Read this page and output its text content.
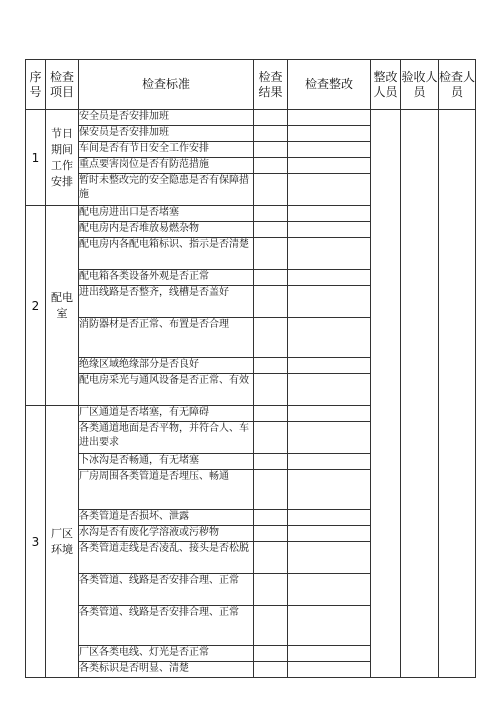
序号	检查项目	检查标准	检查结果	检查整改	整改人员	验收人员	检查人员
1	节日期间工作安排	安全员是否安排加班					
		保安员是否安排加班					
		车间是否有节日安全工作安排					
		重点要害岗位是否有防范措施					
		暂时未整改完的安全隐患是否有保障措施					
2	配电室	配电房进出口是否堵塞					
		配电房内是否堆放易燃杂物					
		配电房内各配电箱标识、指示是否清楚					
		配电箱各类设备外观是否正常					
		进出线路是否整齐，线槽是否盖好					
		消防器材是否正常、布置是否合理					
		绝缘区域绝缘部分是否良好					
		配电房采光与通风设备是否正常、有效					
3	厂区环境	厂区通道是否堵塞，有无障碍					
		各类通道地面是否平物，并符合人、车进出要求					
		卜冰沟是否畅通，有无堵塞					
		厂房周围各类管道是否埋压、畅通					
		各类管道是否损坏、泄露					
		水沟是否有废化学溶液或污秽物					
		各类管道走线是否凌乱、接头是否松脱					
		各类管道、线路是否安排合理、正常					
		各类管道、线路是否安排合理、正常					
		厂区各类电线、灯光是否正常					
		各类标识是否明显、清楚					
